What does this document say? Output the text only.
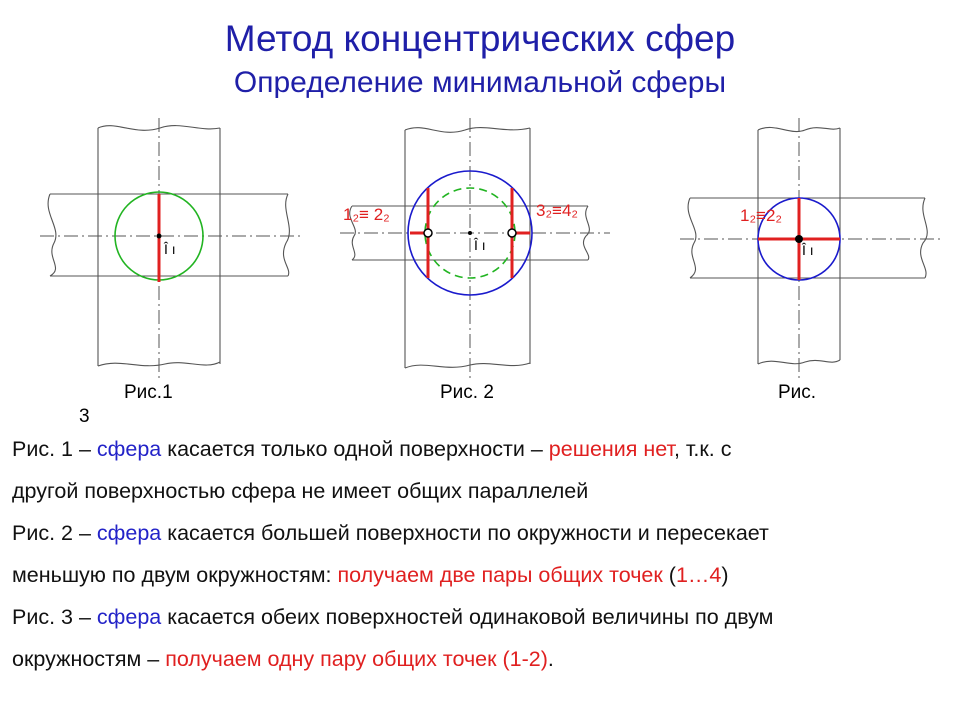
Метод концентрических сфер
Определение минимальной сферы
Î ı	Î ı
1₂≡ 2₂	3₂≡4₂
Î ı
1₂≡2₂
Рис.1	Рис. 2	Рис.
3
Рис. 1 – сфера касается только одной поверхности – решения нет, т.к. с
другой поверхностью сфера не имеет общих параллелей
Рис. 2 – сфера касается большей поверхности по окружности и пересекает
меньшую по двум окружностям: получаем две пары общих точек (1…4)
Рис. 3 – сфера касается обеих поверхностей одинаковой величины по двум
окружностям – получаем одну пару общих точек (1-2).
